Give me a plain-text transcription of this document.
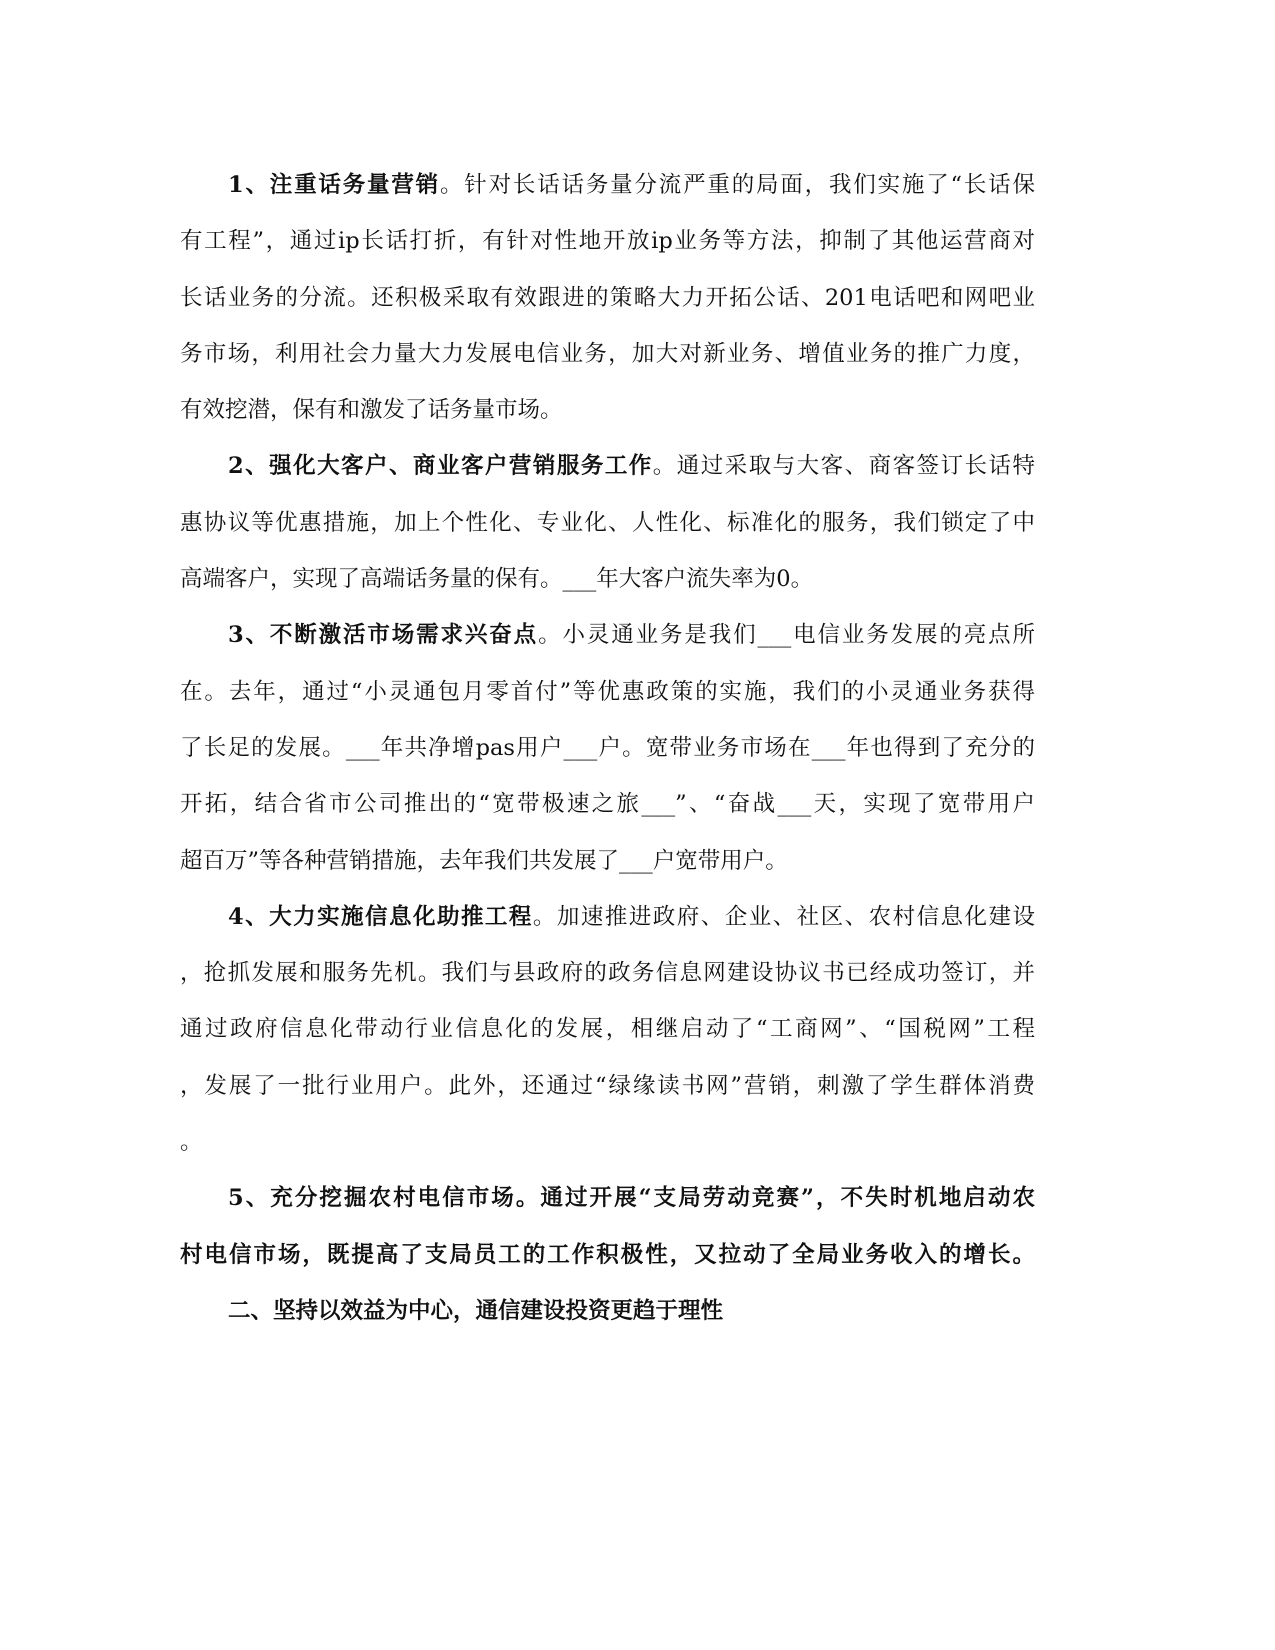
1、注重话务量营销。针对长话话务量分流严重的局面，我们实施了“长话保
有工程”，通过ip长话打折，有针对性地开放ip业务等方法，抑制了其他运营商对
长话业务的分流。还积极采取有效跟进的策略大力开拓公话、201电话吧和网吧业
务市场，利用社会力量大力发展电信业务，加大对新业务、增值业务的推广力度，
有效挖潜，保有和激发了话务量市场。
2、强化大客户、商业客户营销服务工作。通过采取与大客、商客签订长话特
惠协议等优惠措施，加上个性化、专业化、人性化、标准化的服务，我们锁定了中
高端客户，实现了高端话务量的保有。___年大客户流失率为0。
3、不断激活市场需求兴奋点。小灵通业务是我们___电信业务发展的亮点所
在。去年，通过“小灵通包月零首付”等优惠政策的实施，我们的小灵通业务获得
了长足的发展。___年共净增pas用户___户。宽带业务市场在___年也得到了充分的
开拓，结合省市公司推出的“宽带极速之旅___”、“奋战___天，实现了宽带用户
超百万”等各种营销措施，去年我们共发展了___户宽带用户。
4、大力实施信息化助推工程。加速推进政府、企业、社区、农村信息化建设
，抢抓发展和服务先机。我们与县政府的政务信息网建设协议书已经成功签订，并
通过政府信息化带动行业信息化的发展，相继启动了“工商网”、“国税网”工程
，发展了一批行业用户。此外，还通过“绿缘读书网”营销，刺激了学生群体消费
。
5、充分挖掘农村电信市场。通过开展“支局劳动竞赛”，不失时机地启动农
村电信市场，既提高了支局员工的工作积极性，又拉动了全局业务收入的增长。
二、坚持以效益为中心，通信建设投资更趋于理性
